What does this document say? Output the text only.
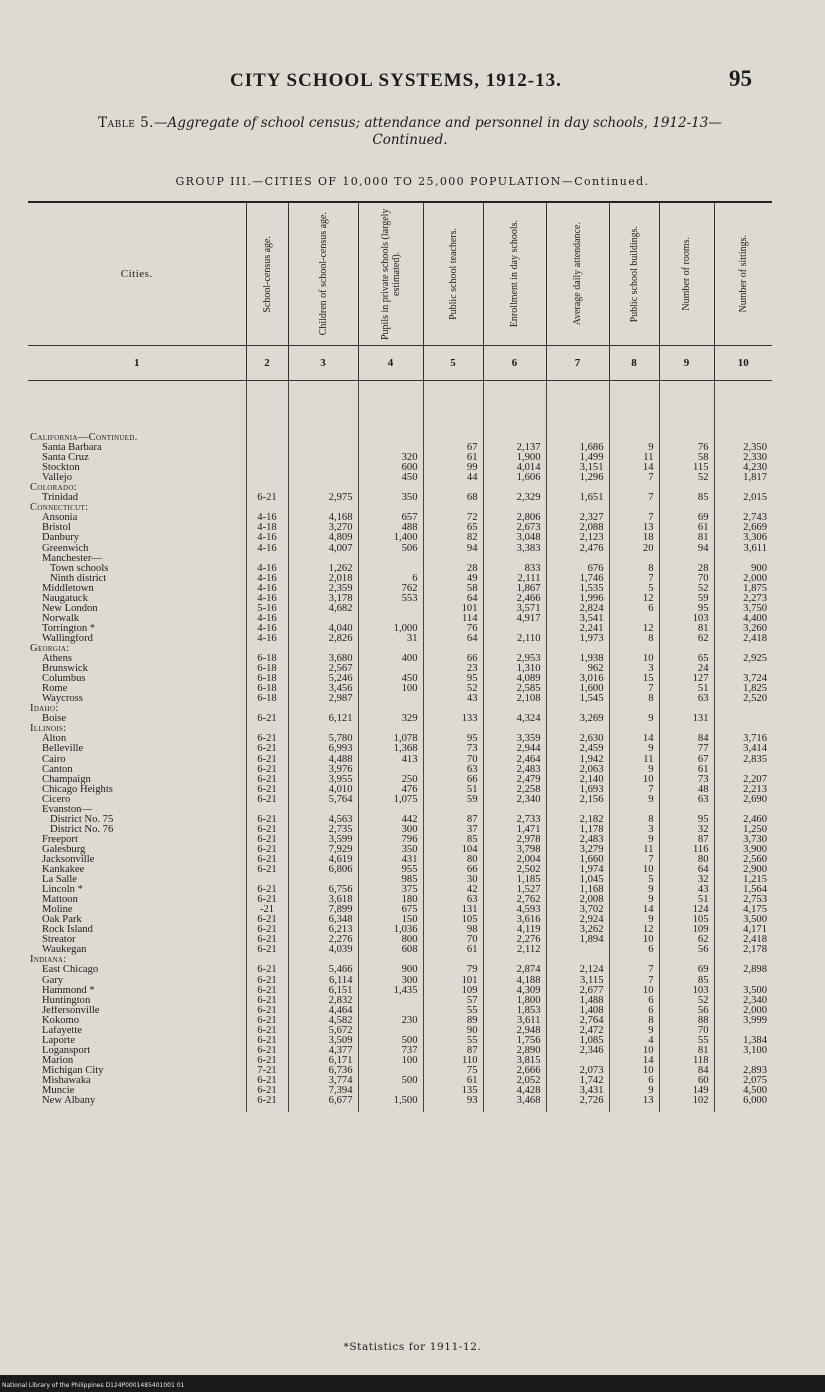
CITY SCHOOL SYSTEMS, 1912-13.	95
Table 5.—Aggregate of school census; attendance and personnel in day schools, 1912-13—
Continued.
GROUP III.—CITIES OF 10,000 TO 25,000 POPULATION—Continued.
Cities.	School-census age.	Children of school-census age.	Pupils in private schools (largely estimated).	Public school teachers.	Enrollment in day schools.	Average daily attendance.	Public school buildings.	Number of rooms.	Number of sittings.

1	2	3	4	5	6	7	8	9	10
California—Continued.									
Santa Barbara				67	2,137	1,686	9	76	2,350
Santa Cruz			320	61	1,900	1,499	11	58	2,330
Stockton			600	99	4,014	3,151	14	115	4,230
Vallejo			450	44	1,606	1,296	7	52	1,817
Colorado:									
Trinidad	6-21	2,975	350	68	2,329	1,651	7	85	2,015
Connecticut:									
Ansonia	4-16	4,168	657	72	2,806	2,327	7	69	2,743
Bristol	4-18	3,270	488	65	2,673	2,088	13	61	2,669
Danbury	4-16	4,809	1,400	82	3,048	2,123	18	81	3,306
Greenwich	4-16	4,007	506	94	3,383	2,476	20	94	3,611
Manchester—									
Town schools	4-16	1,262		28	833	676	8	28	900
Ninth district	4-16	2,018	6	49	2,111	1,746	7	70	2,000
Middletown	4-16	2,359	762	58	1,867	1,535	5	52	1,875
Naugatuck	4-16	3,178	553	64	2,466	1,996	12	59	2,273
New London	5-16	4,682		101	3,571	2,824	6	95	3,750
Norwalk	4-16			114	4,917	3,541		103	4,400
Torrington *	4-16	4,040	1,000	76		2,241	12	81	3,260
Wallingford	4-16	2,826	31	64	2,110	1,973	8	62	2,418
Georgia:									
Athens	6-18	3,680	400	66	2,953	1,938	10	65	2,925
Brunswick	6-18	2,567		23	1,310	962	3	24	
Columbus	6-18	5,246	450	95	4,089	3,016	15	127	3,724
Rome	6-18	3,456	100	52	2,585	1,600	7	51	1,825
Waycross	6-18	2,987		43	2,108	1,545	8	63	2,520
Idaho:									
Boise	6-21	6,121	329	133	4,324	3,269	9	131	
Illinois:									
Alton	6-21	5,780	1,078	95	3,359	2,630	14	84	3,716
Belleville	6-21	6,993	1,368	73	2,944	2,459	9	77	3,414
Cairo	6-21	4,488	413	70	2,464	1,942	11	67	2,835
Canton	6-21	3,976		63	2,483	2,063	9	61	
Champaign	6-21	3,955	250	66	2,479	2,140	10	73	2,207
Chicago Heights	6-21	4,010	476	51	2,258	1,693	7	48	2,213
Cicero	6-21	5,764	1,075	59	2,340	2,156	9	63	2,690
Evanston—									
District No. 75	6-21	4,563	442	87	2,733	2,182	8	95	2,460
District No. 76	6-21	2,735	300	37	1,471	1,178	3	32	1,250
Freeport	6-21	3,599	796	85	2,978	2,483	9	87	3,730
Galesburg	6-21	7,929	350	104	3,798	3,279	11	116	3,900
Jacksonville	6-21	4,619	431	80	2,004	1,660	7	80	2,560
Kankakee	6-21	6,806	955	66	2,502	1,974	10	64	2,900
La Salle			985	30	1,185	1,045	5	32	1,215
Lincoln *	6-21	6,756	375	42	1,527	1,168	9	43	1,564
Mattoon	6-21	3,618	180	63	2,762	2,008	9	51	2,753
Moline	-21	7,899	675	131	4,593	3,702	14	124	4,175
Oak Park	6-21	6,348	150	105	3,616	2,924	9	105	3,500
Rock Island	6-21	6,213	1,036	98	4,119	3,262	12	109	4,171
Streator	6-21	2,276	800	70	2,276	1,894	10	62	2,418
Waukegan	6-21	4,039	608	61	2,112		6	56	2,178
Indiana:									
East Chicago	6-21	5,466	900	79	2,874	2,124	7	69	2,898
Gary	6-21	6,114	300	101	4,188	3,115	7	85	
Hammond *	6-21	6,151	1,435	109	4,309	2,677	10	103	3,500
Huntington	6-21	2,832		57	1,800	1,488	6	52	2,340
Jeffersonville	6-21	4,464		55	1,853	1,408	6	56	2,000
Kokomo	6-21	4,582	230	89	3,611	2,764	8	88	3,999
Lafayette	6-21	5,672		90	2,948	2,472	9	70	
Laporte	6-21	3,509	500	55	1,756	1,085	4	55	1,384
Logansport	6-21	4,377	737	87	2,890	2,346	10	81	3,100
Marion	6-21	6,171	100	110	3,815		14	118	
Michigan City	7-21	6,736		75	2,666	2,073	10	84	2,893
Mishawaka	6-21	3,774	500	61	2,052	1,742	6	60	2,075
Muncie	6-21	7,394		135	4,428	3,431	9	149	4,500
New Albany	6-21	6,677	1,500	93	3,468	2,726	13	102	6,000
*Statistics for 1911-12.
National Library of the Philippines D124P0001485401001 01
